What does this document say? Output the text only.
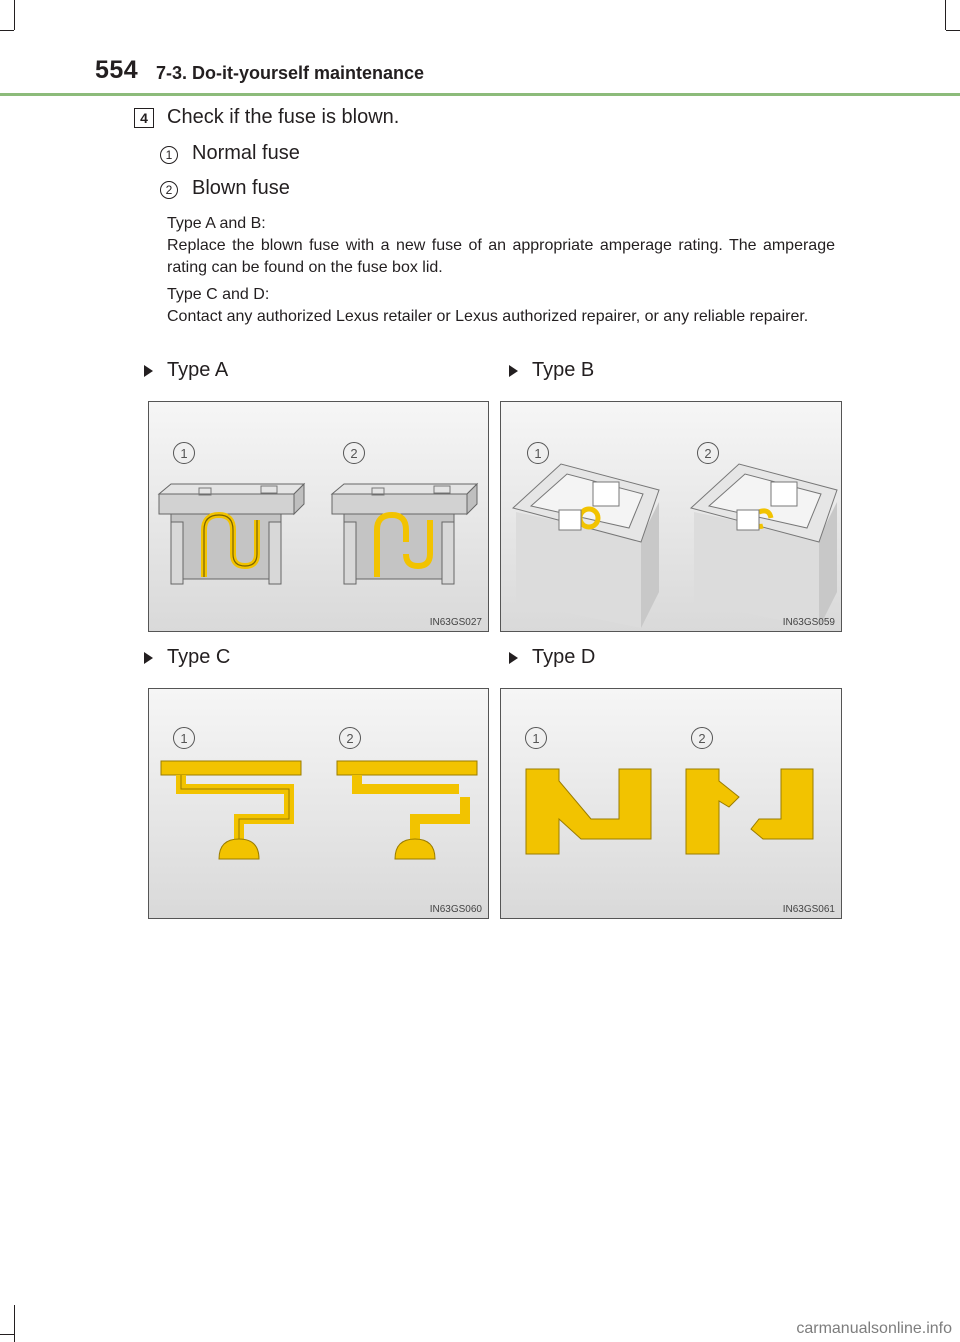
554 7-3. Do-it-yourself maintenance
4 Check if the fuse is blown.
1 Normal fuse
2 Blown fuse

Type A and B:

Replace the blown fuse with a new fuse of an appropriate amperage rating. The amperage rating can be found on the fuse box lid.

Type C and D:

Contact any authorized Lexus retailer or Lexus authorized repairer, or any reliable repairer.

Type A	Type B
Type C	Type D
1	2
IN63GS027
1	2
IN63GS059
1	2
IN63GS060
1	2
IN63GS061
carmanualsonline.info
